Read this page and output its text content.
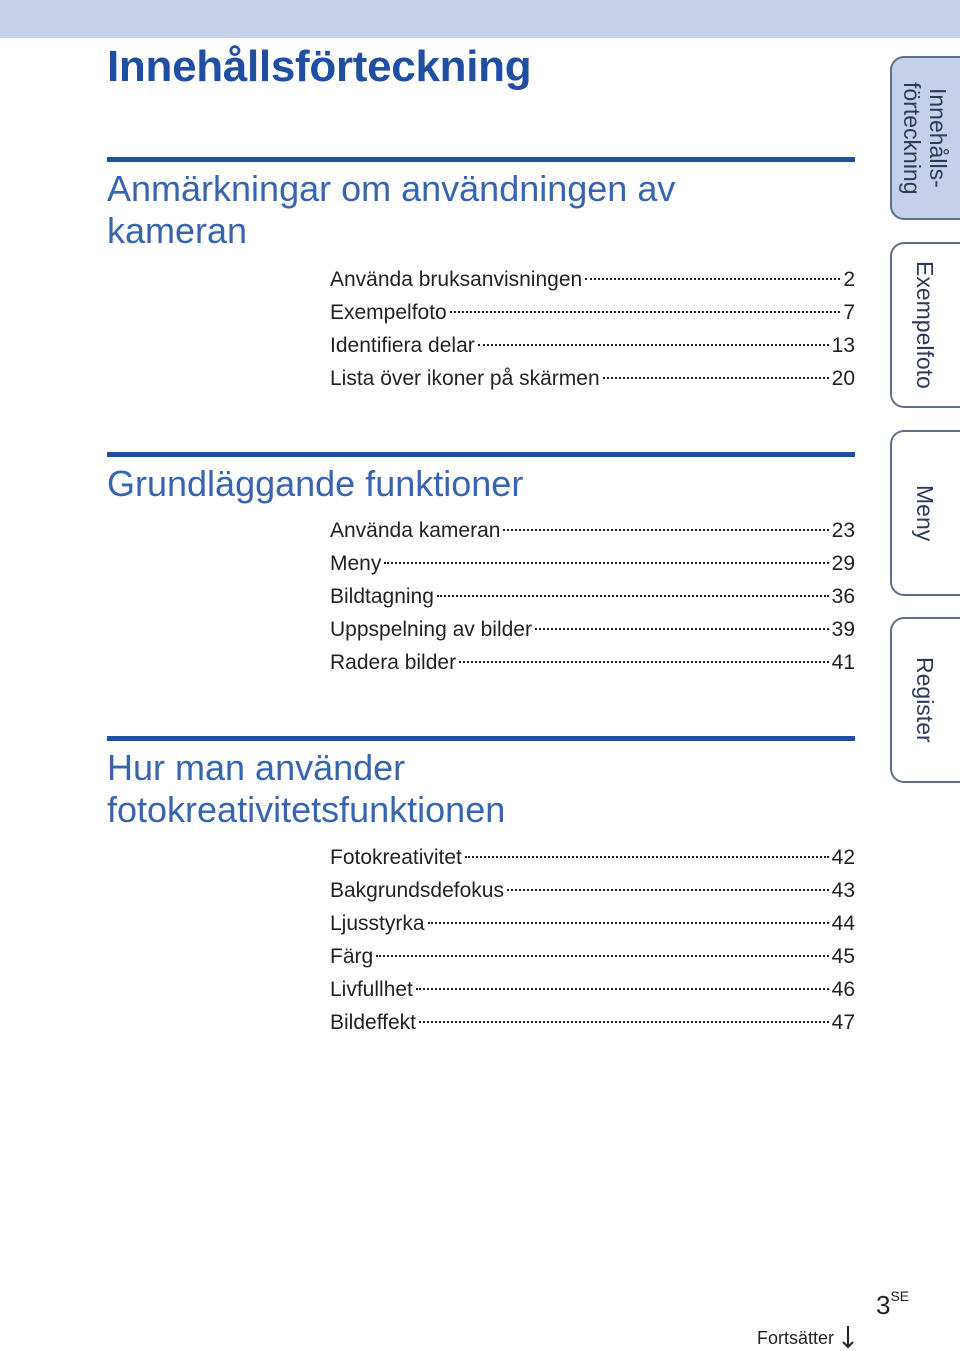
Innehållsförteckning
Anmärkningar om användningen av kameran
Använda bruksanvisningen	2
Exempelfoto	7
Identifiera delar	13
Lista över ikoner på skärmen	20
Grundläggande funktioner
Använda kameran	23
Meny	29
Bildtagning	36
Uppspelning av bilder	39
Radera bilder	41
Hur man använder fotokreativitetsfunktionen
Fotokreativitet	42
Bakgrundsdefokus	43
Ljusstyrka	44
Färg	45
Livfullhet	46
Bildeffekt	47
Innehålls-
förteckning
Exempelfoto
Meny
Register
$3^{SE}$
Fortsätter
